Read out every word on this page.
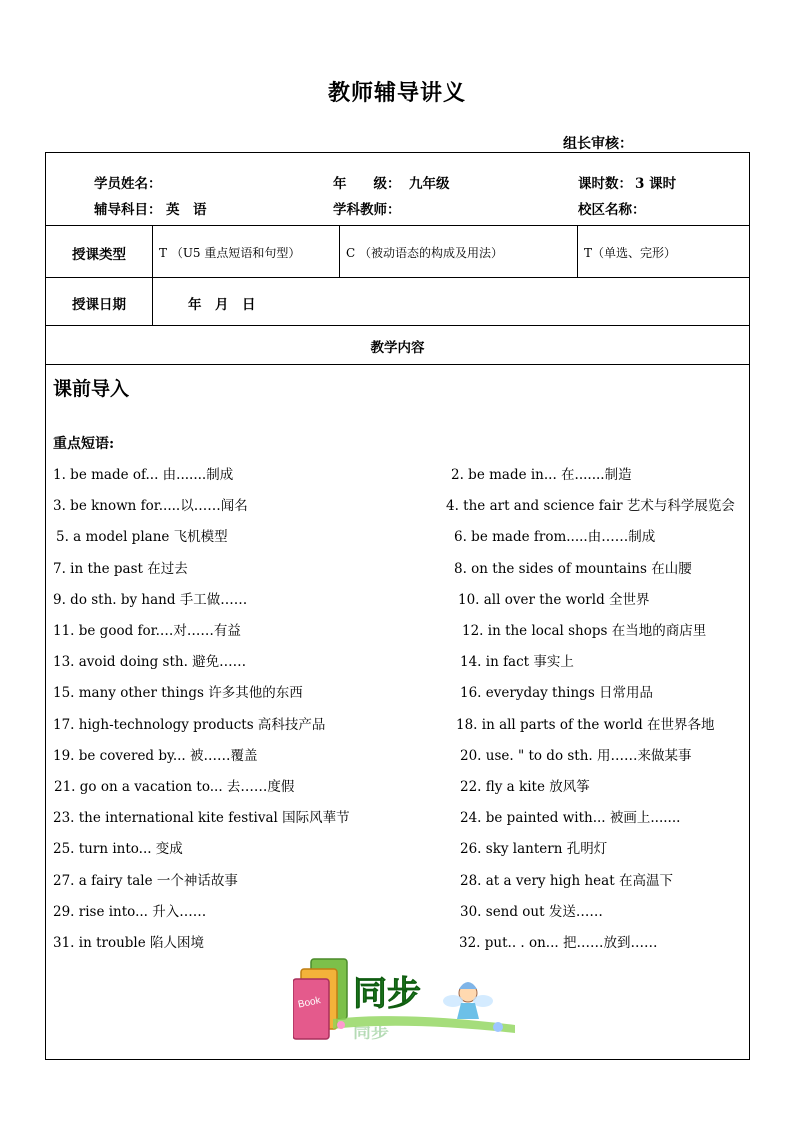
教师辅导讲义
组长审核：
学员姓名：	年　　级： 九年级	课时数： 3 课时
辅导科目： 英　语	学科教师：	校区名称：
授课类型	T （U5 重点短语和句型）	C （被动语态的构成及用法）	T（单选、完形）
授课日期	年　月　日
教学内容
课前导入
重点短语:
1. be made of... 由.......制成	2. be made in... 在.......制造
3. be known for.....以……闻名	4. the art and science fair 艺术与科学展览会
5. a model plane 飞机模型	6. be made from.....由……制成
7. in the past 在过去	8. on the sides of mountains 在山腰
9. do sth. by hand 手工做……	10. all over the world 全世界
11. be good for.…对……有益	12. in the local shops 在当地的商店里
13. avoid doing sth. 避免……	14. in fact 事实上
15. many other things 许多其他的东西	16. everyday things 日常用品
17. high-technology products 高科技产品	18. in all parts of the world 在世界各地
19. be covered by... 被……覆盖	20. use. " to do sth. 用……来做某事
21. go on a vacation to... 去……度假	22. fly a kite 放风筝
23. the international kite festival 国际风華节	24. be painted with... 被画上.......
25. turn into... 变成	26. sky lantern 孔明灯
27. a fairy tale 一个神话故事	28. at a very high heat 在高温下
29. rise into... 升入……	30. send out 发送……
31. in trouble 陷人困境	32. put.. . on... 把……放到……
Book 同步
同步
